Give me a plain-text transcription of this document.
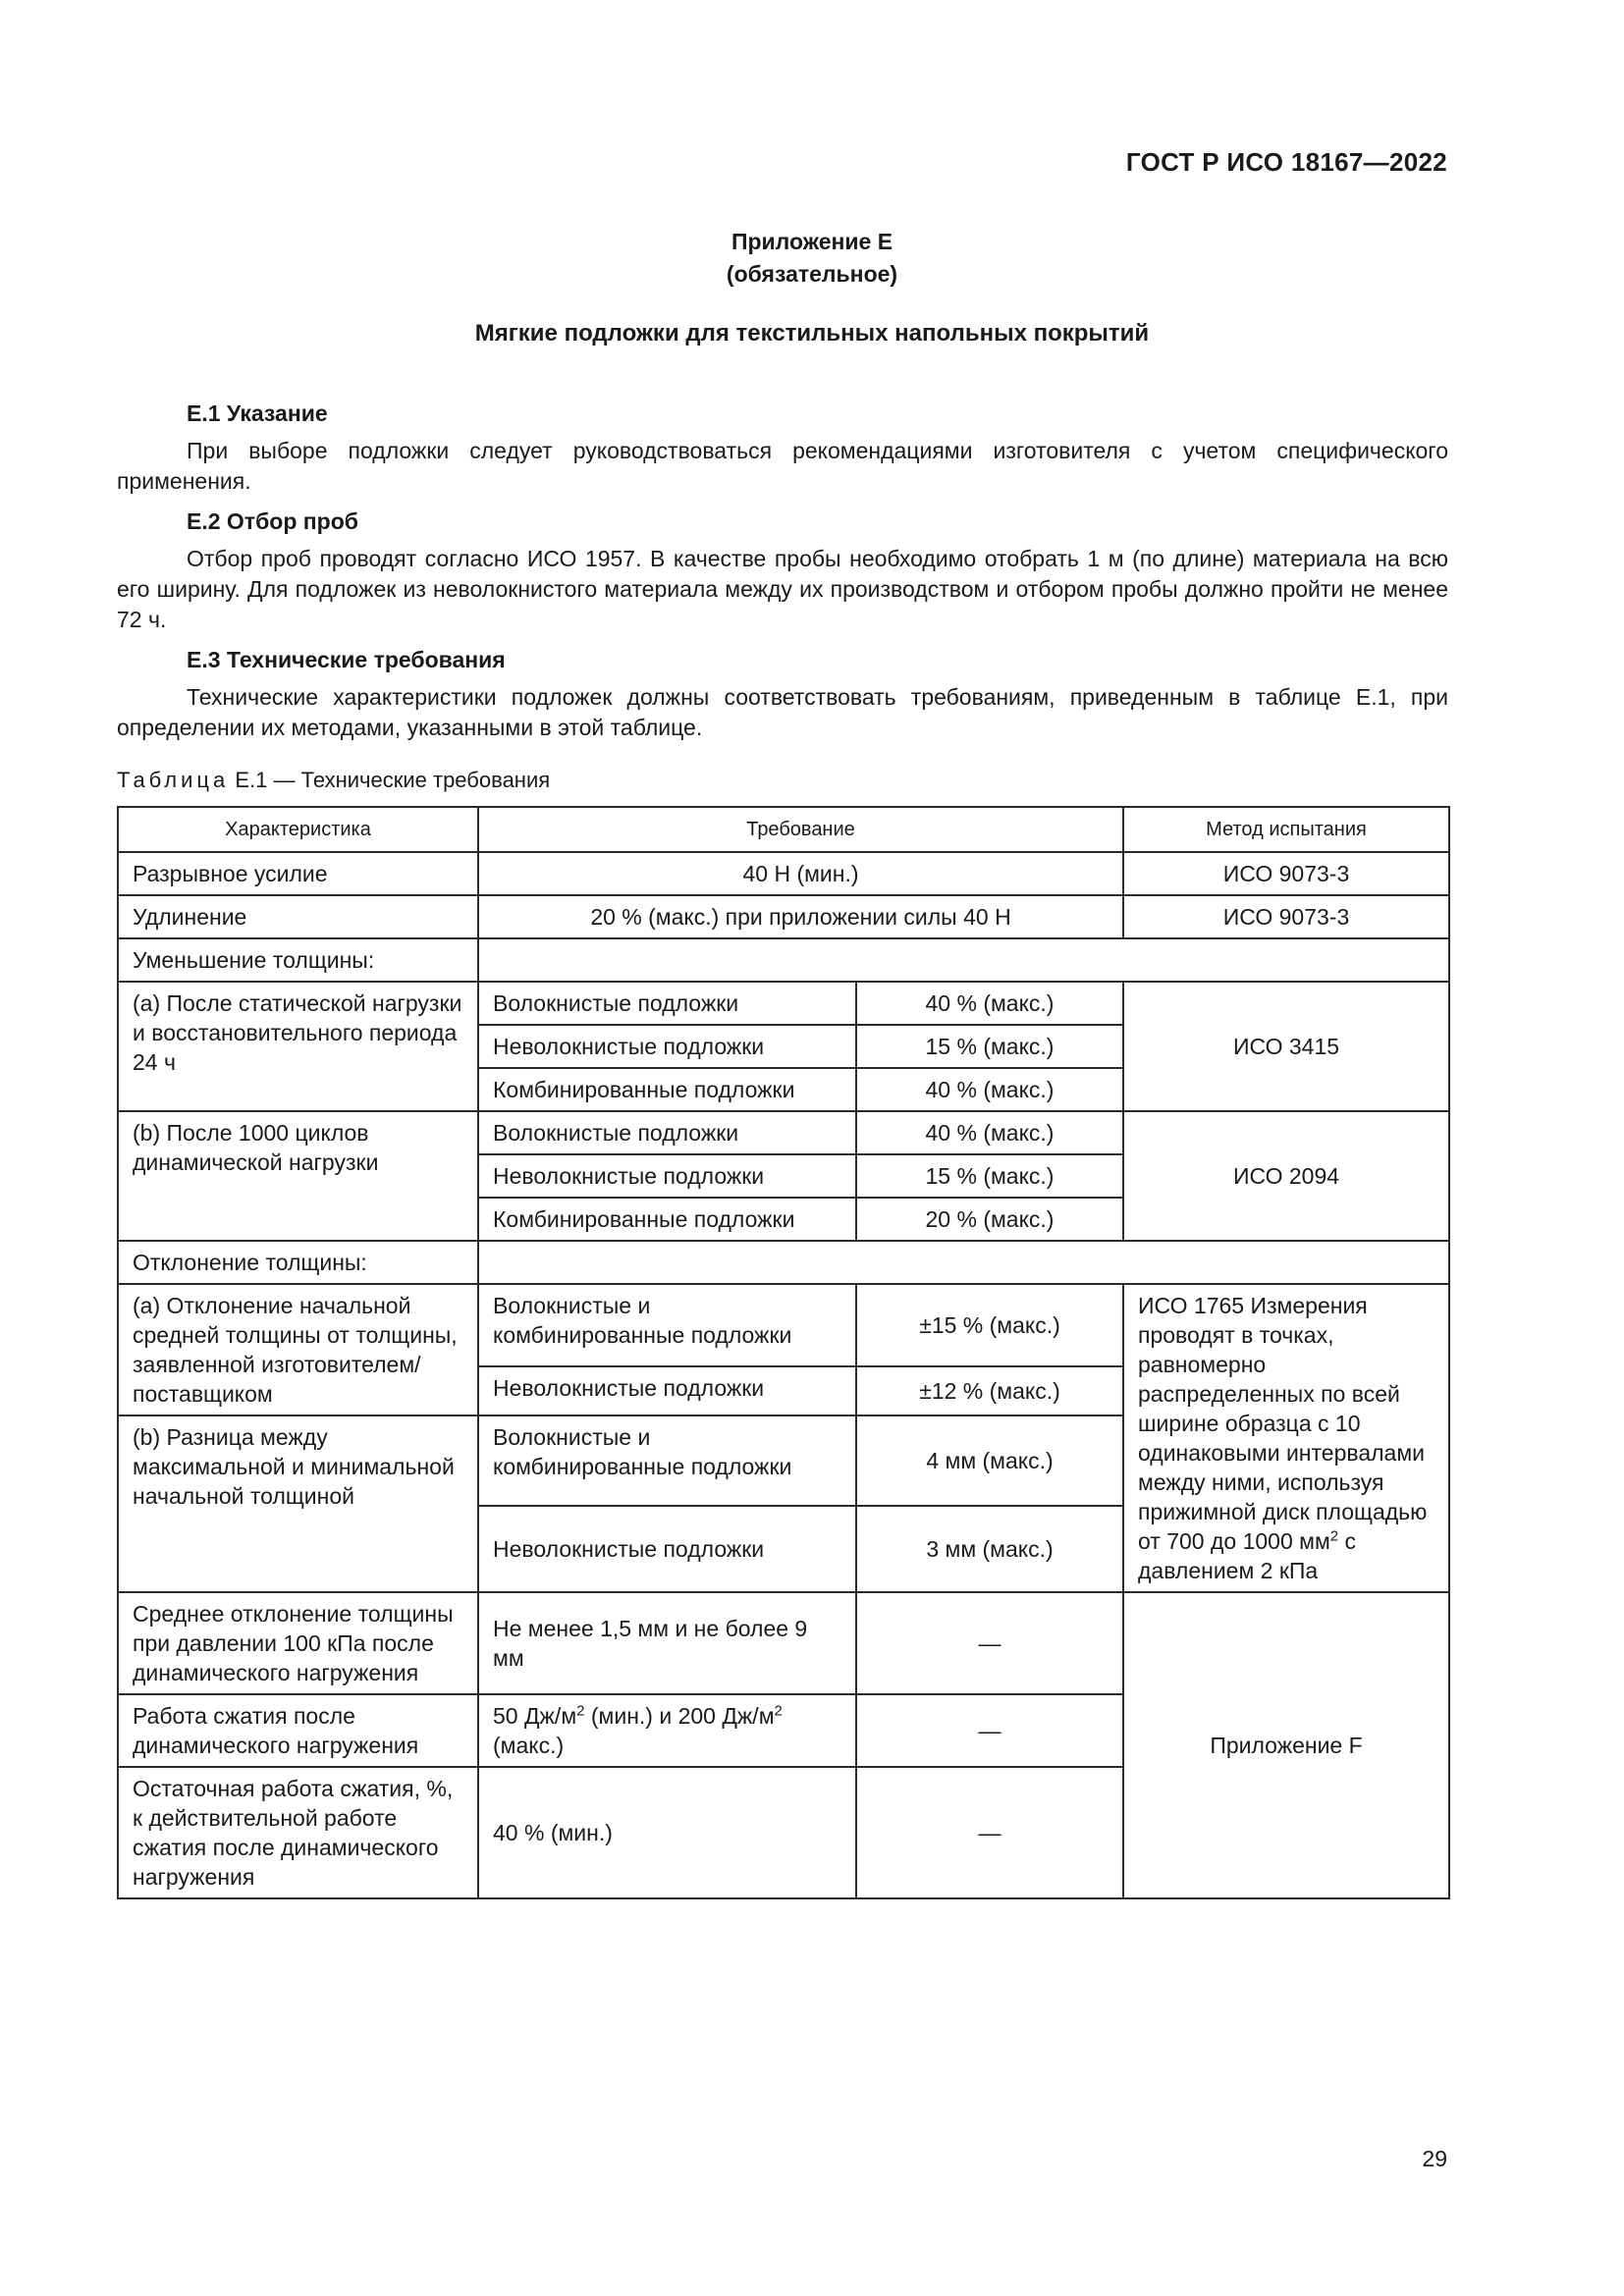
ГОСТ Р ИСО 18167—2022
Приложение Е
(обязательное)
Мягкие подложки для текстильных напольных покрытий
Е.1 Указание
При выборе подложки следует руководствоваться рекомендациями изготовителя с учетом специфического применения.
Е.2 Отбор проб
Отбор проб проводят согласно ИСО 1957. В качестве пробы необходимо отобрать 1 м (по длине) материала на всю его ширину. Для подложек из неволокнистого материала между их производством и отбором пробы должно пройти не менее 72 ч.
Е.3 Технические требования
Технические характеристики подложек должны соответствовать требованиям, приведенным в таблице Е.1, при определении их методами, указанными в этой таблице.
Таблица Е.1 — Технические требования
Характеристика	Требование		Метод испытания
Разрывное усилие	40 Н (мин.)		ИСО 9073-3
Удлинение	20 % (макс.) при приложении силы 40 Н		ИСО 9073-3
Уменьшение толщины:			
(а) После статической нагрузки и восстановительного периода 24 ч	Волокнистые подложки	40 % (макс.)	ИСО 3415
	Неволокнистые подложки	15 % (макс.)	
	Комбинированные подложки	40 % (макс.)	
(b) После 1000 циклов динамической нагрузки	Волокнистые подложки	40 % (макс.)	ИСО 2094
	Неволокнистые подложки	15 % (макс.)	
	Комбинированные подложки	20 % (макс.)	
Отклонение толщины:			
(а) Отклонение начальной средней толщины от толщины, заявленной изготовителем/поставщиком	Волокнистые и комбинированные подложки	±15 % (макс.)	ИСО 1765 Измерения проводят в точках, равномерно распределенных по всей ширине образца с 10 одинаковыми интервалами между ними, используя прижимной диск площадью от 700 до 1000 $мм^2$ с давлением 2 кПа
	Неволокнистые подложки	±12 % (макс.)	
(b) Разница между максимальной и минимальной начальной толщиной	Волокнистые и комбинированные подложки	4 мм (макс.)	
	Неволокнистые подложки	3 мм (макс.)	
Среднее отклонение толщины при давлении 100 кПа после динамического нагружения	Не менее 1,5 мм и не более 9 мм	—	Приложение F
Работа сжатия после динамического нагружения	50 $Дж/м^2$ (мин.) и 200 $Дж/м^2$ (макс.)	—	
Остаточная работа сжатия, %, к действительной работе сжатия после динамического нагружения	40 % (мин.)	—	
29
